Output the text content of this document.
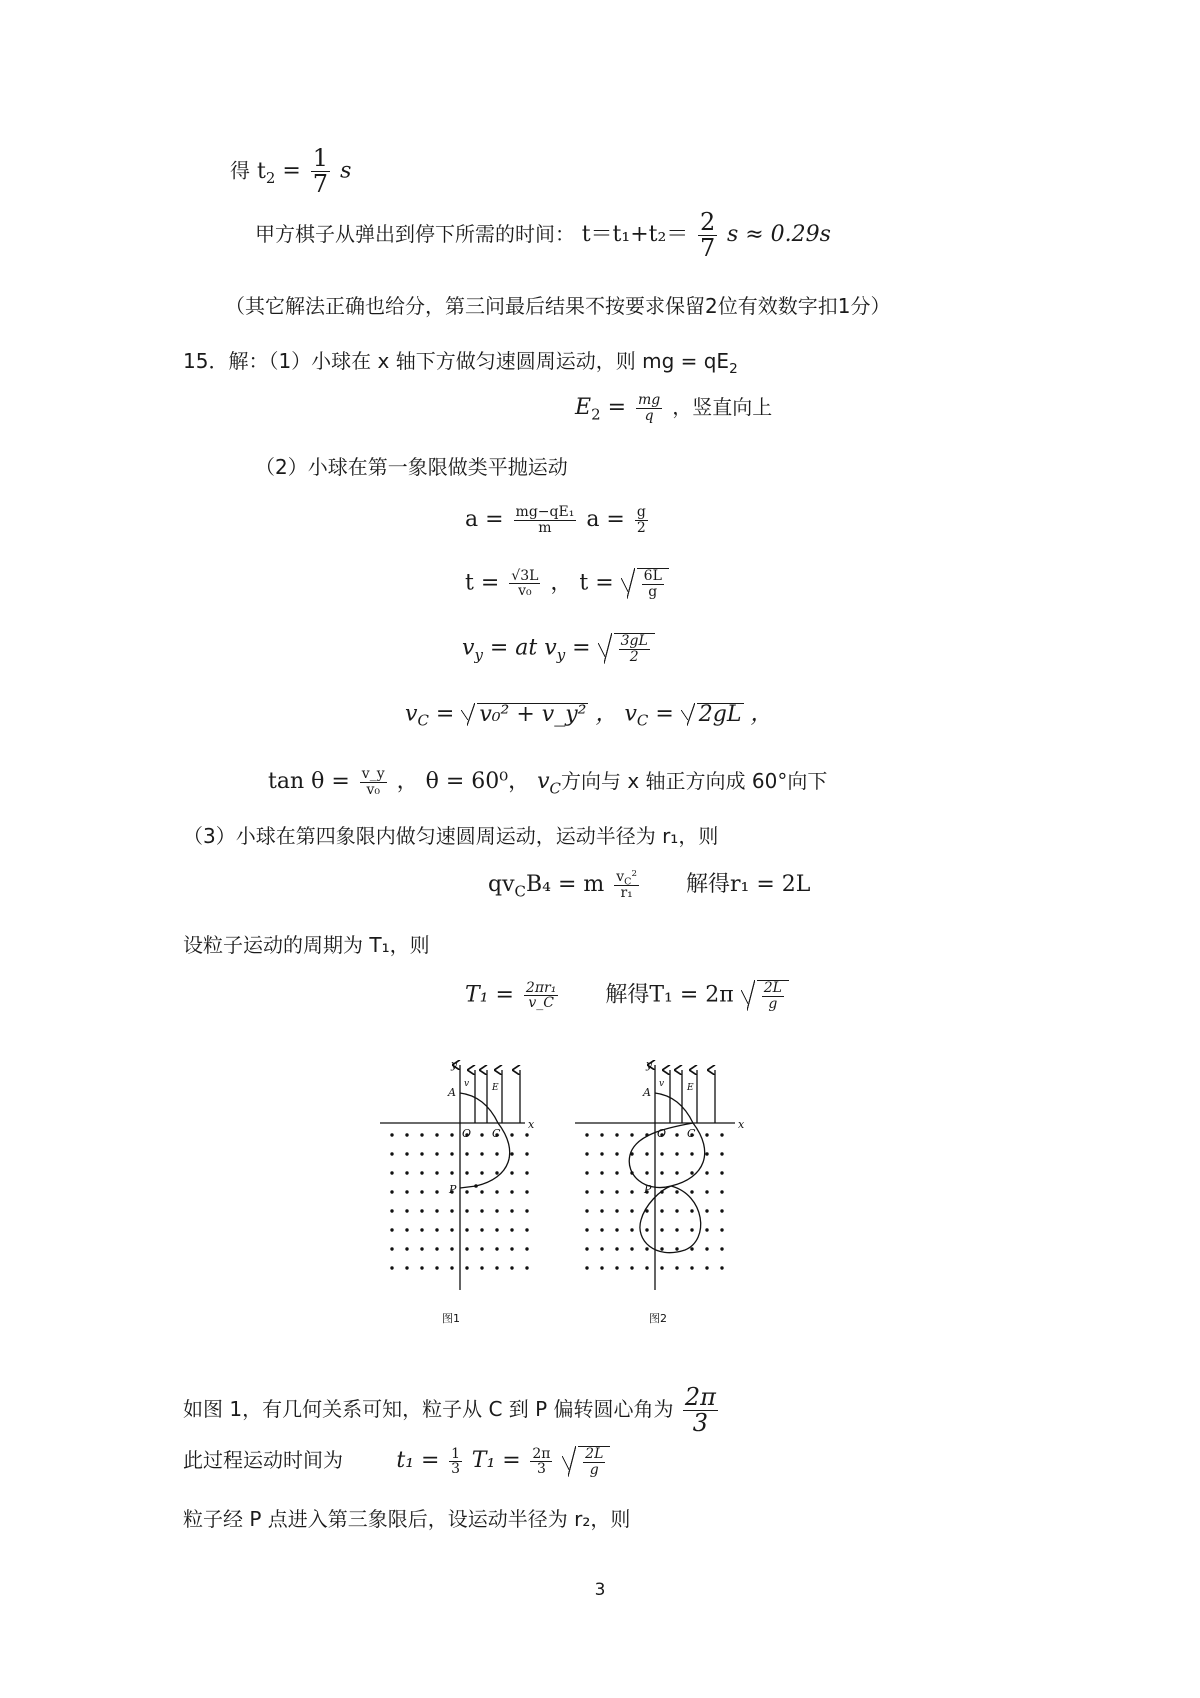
得 $t_2 = \frac{1}{7}$ s
甲方棋子从弹出到停下所需的时间： $t=t_1+t_2= \frac{2}{7}$ s ≈ 0.29s
（其它解法正确也给分，第三问最后结果不按要求保留2位有效数字扣1分）
15．解：（1）小球在 x 轴下方做匀速圆周运动，则 mg = $qE_2$
$E_2 = \frac{mg}{q}$ ，竖直向上
（2）小球在第一象限做类平抛运动
$a = \frac{\text{mg−qE₁}}{m}$ $a = \frac{g}{2}$
$t = \frac{√3L}{\text{v₀}}$ ， $t = \frac{6L}{g}$
$v_y$ = at $v_y = \frac{3gL}{2}$
$v_C = v_0^2$ + v_y² ， $v_C = 2gL$ ，
$\tan \theta = \frac{v\_y}{\text{v₀}}$ ， θ = 60⁰， $v_C$方向与 x 轴正方向成 60°向下
（3）小球在第四象限内做匀速圆周运动，运动半径为 r₁，则
$qv_CB_4 = m \frac{v_C^2}{\text{r₁}}$ 解得r₁ = 2L
设粒子运动的周期为 T₁，则
$T_1 = \frac{\text{2πr₁}}{v\_C}$ 解得$T_1 = 2\pi \frac{2L}{g}$
y
A
v	E
O C
x
P
图1
y
A
v	E
O C
x
P
图2
如图 1，有几何关系可知，粒子从 C 到 P 偏转圆心角为 $\frac{2\pi}{3}$
此过程运动时间为 $t_1 = \frac{1}{3} T_1 = \frac{2\pi}{3}$
$\frac{2L}{g}$
粒子经 P 点进入第三象限后，设运动半径为 r₂，则
3
